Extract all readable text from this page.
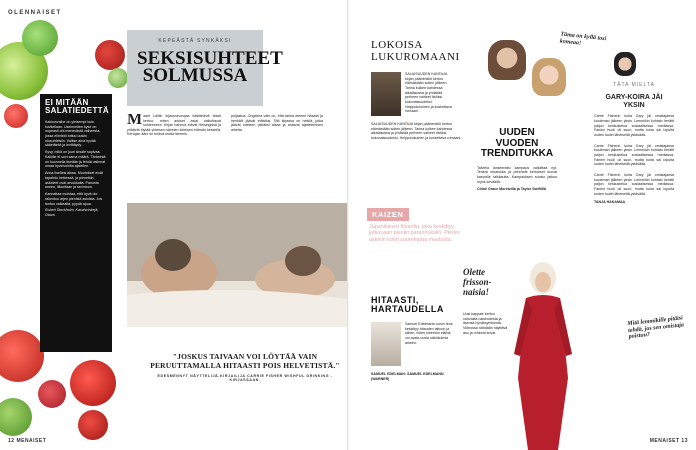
OLENNAISET
EI MITÄÄN SALATIEDETTÄ

Kakkosvaihe on yleisempi kuin kuvitellaan. Useimmiten kyse on nopeasti ohi menevästä vaiheesta, jossa elimistö tottuu uusiin olosuhteisiin. Valitse aina hyvää sääeläintä ja levittäydy...

Kysy, mikä on juuri sinulle sopivaa. Kaikille ei sovi sama määrä. Tärkeintä on kuunnella itseään ja tehdä valinnat omaa hyvinvointia ajatellen.

Anna itsellesi aikaa. Muutokset eivät tapahdu hetkessä, ja pienetkin askeleet ovat arvokkaita. Panosta uneen, liikuntaan ja ravintoon.

Kannattaa muistaa, että hyvä olo rakentuu arjen pienistä asioista. Jos tuntuu vaikealta, pyydä apua.

Robert Stockholm, Kasvisvinkejä, Otava

KEPEÄSTÄ SYNKÄKSI
SEKSISUHTEET SOLMUSSA
Maarit Lalliin ihjausneuvojaa käsittelevä teksti kertoo, miten arkiset asiat vaikuttavat suhteeseen. Kirjan hahmot elävät Helsingissä ja yrittävät löytää yhteisen sävelen kiireisen elämän keskellä. Kertojan ääni on terävä mutta lämmin.
poljastua. Ongelma vain on, että tarina etenee hitaasti ja henkilöt jäävät etäisiksi. Silti kirjassa on hetkiä, jotka jäävät mieleen pitkäksi aikaa ja antavat ajattelemisen aihetta.
"JOSKUS TAIVAAN VOI LÖYTÄÄ VAIN PERUUTTAMALLA HITAASTI POIS HELVETISTÄ."
EDESMENNYT NÄYTTELIJÄ-KIRJAILIJA CARRIE FISHER WISHFUL DRINKING -KIRJASSAAN.
12 MENAISET
LOKOISA LUKUROMAANI
SALAISUUDEN KANTAJA kirjan päähenkilö kertoo elämästään sotien jälkeen. Tarina kulkee kahdessa aikatasossa ja yhdistää perheen vaiheet tiiviiksi kokonaisuudeksi. Helppolukuinen ja koskettava romaani.
SALAISUUDEN KANTAJA kirjan päähenkilö kertoo elämästään sotien jälkeen. Tarina kulkee kahdessa aikatasossa ja yhdistää perheen vaiheet tiiviiksi kokonaisuudeksi. Helppolukuinen ja koskettava romaani.
KAIZEN
Japanilainen filosofia, joka keskittyy jatkuvaan pieniin parannuksiin. Pienin askelin kohti suurempaa muutosta.
HITAASTI, HARTAUDELLA
Samuel Edelmanin uusin teos keskittyy hitauden taitoon ja siihen, miten kiireetön elämä voi avata uusia näkökulmia arkeen.
SAMUEL EDELMAN: SAMUEL EDELMANN (WARNER)
Täma on kyllä tosi komeaa!
UUDEN VUODEN TRENDITUKKA
Talvella lanseerattu kampaus valloittaa nyt. Terävä otsatukka ja pehmeät kerrokset tuovat kasvoille raikkautta. Kampauksen suosio jatkuu myös keväällä.
Chloë Grace Moretzilla ja Taylor Swiftillä
Olette frisson-naisia!
Uusi kappale kertoo vahvasta naiseudesta ja itsensä hyväksymisestä. Videossa nähdään näyttävä asu ja rohkeat kuvat.
TÄTA MIELTA
GARY-KOIRA JÄI YKSIN
Carrie Fisherin koira Gary jäi omistajansa kuoleman jälkeen yksin. Lemmikin kohtalo herätti paljon keskustelua sosiaalisessa mediassa. Fanien huoli oli suuri, mutta koira sai lopulta uuden kodin läheiseltä ystävältä.
Carrie Fisherin koira Gary jäi omistajansa kuoleman jälkeen yksin. Lemmikin kohtalo herätti paljon keskustelua sosiaalisessa mediassa. Fanien huoli oli suuri, mutta koira sai lopulta uuden kodin läheiseltä ystävältä.
Carrie Fisherin koira Gary jäi omistajansa kuoleman jälkeen yksin. Lemmikin kohtalo herätti paljon keskustelua sosiaalisessa mediassa. Fanien huoli oli suuri, mutta koira sai lopulta uuden kodin läheiseltä ystävältä.
TANJA HAKAMAA
Mitä lemmikille pitäisi tehdä, jos sen omistaja poistuu?
MENAISET 13
